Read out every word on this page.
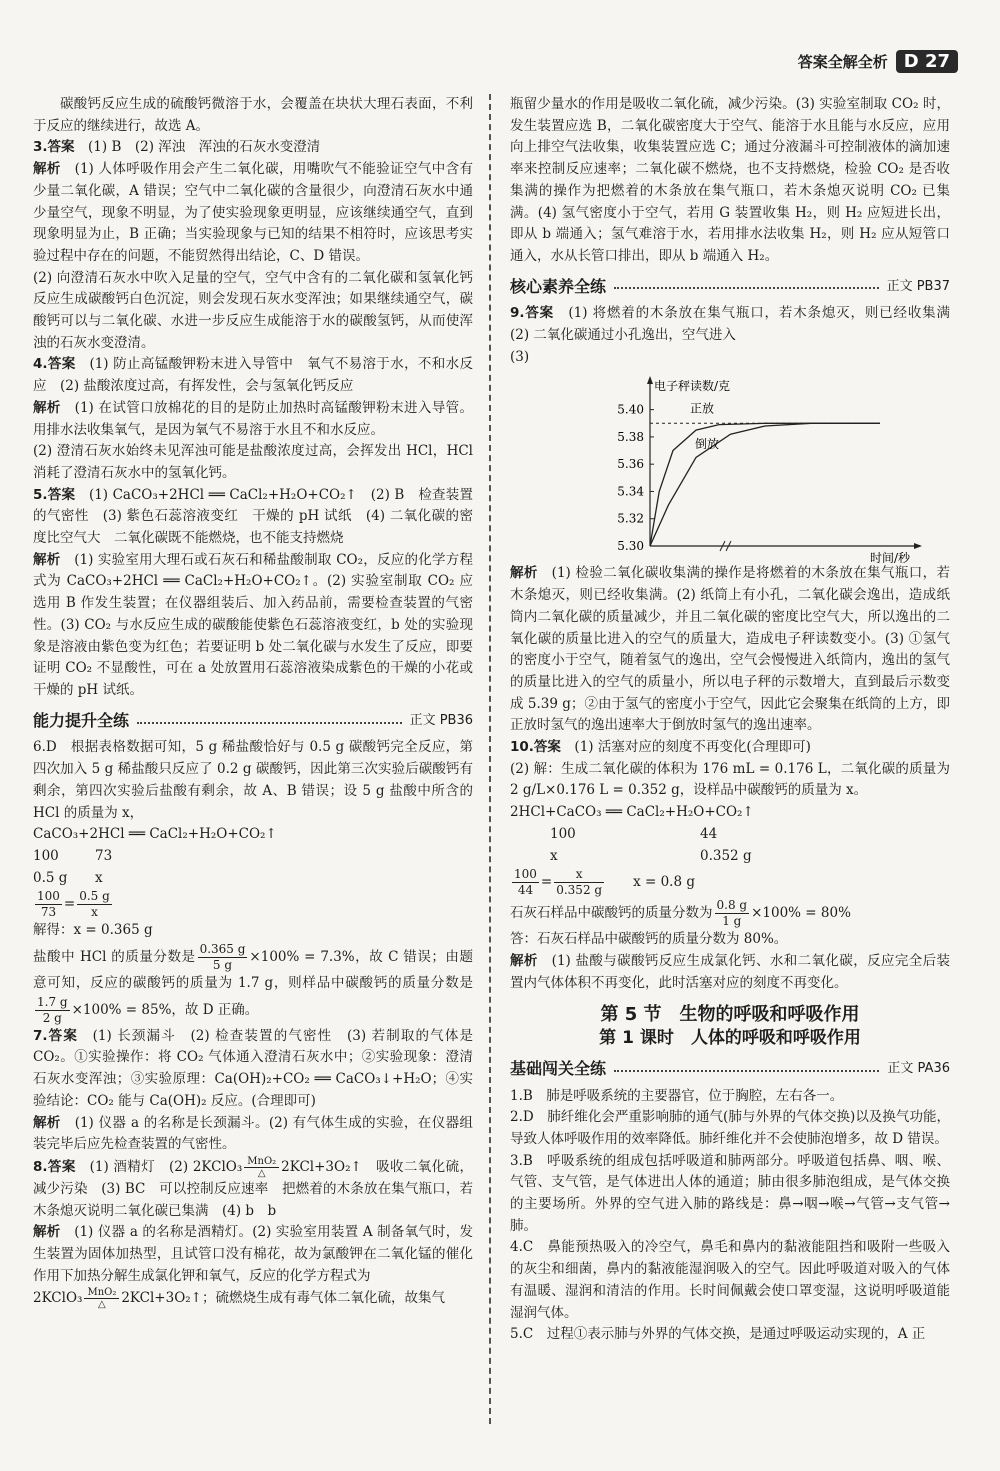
答案全解全析 D 27

碳酸钙反应生成的硫酸钙微溶于水，会覆盖在块状大理石表面，不利于反应的继续进行，故选 A。

3.答案　(1) B　(2) 浑浊　浑浊的石灰水变澄清

解析　(1) 人体呼吸作用会产生二氧化碳，用嘴吹气不能验证空气中含有少量二氧化碳，A 错误；空气中二氧化碳的含量很少，向澄清石灰水中通少量空气，现象不明显，为了使实验现象更明显，应该继续通空气，直到现象明显为止，B 正确；当实验现象与已知的结果不相符时，应该思考实验过程中存在的问题，不能贸然得出结论，C、D 错误。

(2) 向澄清石灰水中吹入足量的空气，空气中含有的二氧化碳和氢氧化钙反应生成碳酸钙白色沉淀，则会发现石灰水变浑浊；如果继续通空气，碳酸钙可以与二氧化碳、水进一步反应生成能溶于水的碳酸氢钙，从而使浑浊的石灰水变澄清。

4.答案　(1) 防止高锰酸钾粉末进入导管中　氧气不易溶于水，不和水反应　(2) 盐酸浓度过高，有挥发性，会与氢氧化钙反应

解析　(1) 在试管口放棉花的目的是防止加热时高锰酸钾粉末进入导管。用排水法收集氧气，是因为氧气不易溶于水且不和水反应。

(2) 澄清石灰水始终未见浑浊可能是盐酸浓度过高，会挥发出 HCl，HCl 消耗了澄清石灰水中的氢氧化钙。

5.答案　(1) CaCO₃+2HCl ══ CaCl₂+H₂O+CO₂↑　(2) B　检查装置的气密性　(3) 紫色石蕊溶液变红　干燥的 pH 试纸　(4) 二氧化碳的密度比空气大　二氧化碳既不能燃烧，也不能支持燃烧

解析　(1) 实验室用大理石或石灰石和稀盐酸制取 CO₂，反应的化学方程式为 CaCO₃+2HCl ══ CaCl₂+H₂O+CO₂↑。(2) 实验室制取 CO₂ 应选用 B 作发生装置；在仪器组装后、加入药品前，需要检查装置的气密性。(3) CO₂ 与水反应生成的碳酸能使紫色石蕊溶液变红，b 处的实验现象是溶液由紫色变为红色；若要证明 b 处二氧化碳与水发生了反应，即要证明 CO₂ 不显酸性，可在 a 处放置用石蕊溶液染成紫色的干燥的小花或干燥的 pH 试纸。

能力提升全练	正文 PB36

6.D　根据表格数据可知，5 g 稀盐酸恰好与 0.5 g 碳酸钙完全反应，第四次加入 5 g 稀盐酸只反应了 0.2 g 碳酸钙，因此第三次实验后碳酸钙有剩余，第四次实验后盐酸有剩余，故 A、B 错误；设 5 g 盐酸中所含的 HCl 的质量为 x，

CaCO₃+2HCl ══ CaCl₂+H₂O+CO₂↑

100	73
0.5 g	x

$\frac{100}{73} = \frac{0.5 g}{x}$

解得：x = 0.365 g

盐酸中 HCl 的质量分数是 $\frac{0.365 g}{5 g} \times 100\% = 7.3\%$，故 C 错误；由题意可知，反应的碳酸钙的质量为 1.7 g，则样品中碳酸钙的质量分数是
$\frac{1.7 g}{2 g} \times 100\% = 85\%$，故 D 正确。

7.答案　(1) 长颈漏斗　(2) 检查装置的气密性　(3) 若制取的气体是 CO₂。①实验操作：将 CO₂ 气体通入澄清石灰水中；②实验现象：澄清石灰水变浑浊；③实验原理：Ca(OH)₂+CO₂ ══ CaCO₃↓+H₂O；④实验结论：CO₂ 能与 Ca(OH)₂ 反应。(合理即可)

解析　(1) 仪器 a 的名称是长颈漏斗。(2) 有气体生成的实验，在仪器组装完毕后应先检查装置的气密性。

8.答案　(1) 酒精灯　(2) 2KClO₃ MnO₂
△	2KCl+3O₂↑　吸收二氧化硫，减少污染　(3) BC　可以控制反应速率　把燃着的木条放在集气瓶口，若木条熄灭说明二氧化碳已集满　(4) b　b

解析　(1) 仪器 a 的名称是酒精灯。(2) 实验室用装置 A 制备氧气时，发生装置为固体加热型，且试管口没有棉花，故为氯酸钾在二氧化锰的催化作用下加热分解生成氯化钾和氧气，反应的化学方程式为

2KClO₃ MnO₂
△	2KCl+3O₂↑；硫燃烧生成有毒气体二氧化硫，故集气

瓶留少量水的作用是吸收二氧化硫，减少污染。(3) 实验室制取 CO₂ 时，发生装置应选 B，二氧化碳密度大于空气、能溶于水且能与水反应，应用向上排空气法收集，收集装置应选 C；通过分液漏斗可控制液体的滴加速率来控制反应速率；二氧化碳不燃烧，也不支持燃烧，检验 CO₂ 是否收集满的操作为把燃着的木条放在集气瓶口，若木条熄灭说明 CO₂ 已集满。(4) 氢气密度小于空气，若用 G 装置收集 H₂，则 H₂ 应短进长出，即从 b 端通入；氢气难溶于水，若用排水法收集 H₂，则 H₂ 应从短管口通入，水从长管口排出，即从 b 端通入 H₂。

核心素养全练	正文 PB37

9.答案　(1) 将燃着的木条放在集气瓶口，若木条熄灭，则已经收集满　(2) 二氧化碳通过小孔逸出，空气进入

(3)

电子秤读数/克
时间/秒
5.40
5.38
5.36
5.34
5.32
5.30
正放
倒放

解析　(1) 检验二氧化碳收集满的操作是将燃着的木条放在集气瓶口，若木条熄灭，则已经收集满。(2) 纸筒上有小孔，二氧化碳会逸出，造成纸筒内二氧化碳的质量减少，并且二氧化碳的密度比空气大，所以逸出的二氧化碳的质量比进入的空气的质量大，造成电子秤读数变小。(3) ①氢气的密度小于空气，随着氢气的逸出，空气会慢慢进入纸筒内，逸出的氢气的质量比进入的空气的质量小，所以电子秤的示数增大，直到最后示数变成 5.39 g；②由于氢气的密度小于空气，因此它会聚集在纸筒的上方，即正放时氢气的逸出速率大于倒放时氢气的逸出速率。

10.答案　(1) 活塞对应的刻度不再变化(合理即可)

(2) 解：生成二氧化碳的体积为 176 mL = 0.176 L，二氧化碳的质量为 2 g/L×0.176 L = 0.352 g，设样品中碳酸钙的质量为 x。

2HCl+CaCO₃ ══ CaCl₂+H₂O+CO₂↑

100	44
x	0.352 g

$\frac{100}{44} = \frac{x}{0.352 g}$
　　 x = 0.8 g

石灰石样品中碳酸钙的质量分数为 $\frac{0.8 g}{1 g} \times 100\% = 80\%$

答：石灰石样品中碳酸钙的质量分数为 80%。

解析　(1) 盐酸与碳酸钙反应生成氯化钙、水和二氧化碳，反应完全后装置内气体体积不再变化，此时活塞对应的刻度不再变化。

第 5 节　生物的呼吸和呼吸作用
第 1 课时　人体的呼吸和呼吸作用
基础闯关全练	正文 PA36

1.B　肺是呼吸系统的主要器官，位于胸腔，左右各一。

2.D　肺纤维化会严重影响肺的通气(肺与外界的气体交换)以及换气功能，导致人体呼吸作用的效率降低。肺纤维化并不会使肺泡增多，故 D 错误。

3.B　呼吸系统的组成包括呼吸道和肺两部分。呼吸道包括鼻、咽、喉、气管、支气管，是气体进出人体的通道；肺由很多肺泡组成，是气体交换的主要场所。外界的空气进入肺的路线是：鼻→咽→喉→气管→支气管→肺。

4.C　鼻能预热吸入的冷空气，鼻毛和鼻内的黏液能阻挡和吸附一些吸入的灰尘和细菌，鼻内的黏液能湿润吸入的空气。因此呼吸道对吸入的气体有温暖、湿润和清洁的作用。长时间佩戴会使口罩变湿，这说明呼吸道能湿润气体。

5.C　过程①表示肺与外界的气体交换，是通过呼吸运动实现的，A 正
